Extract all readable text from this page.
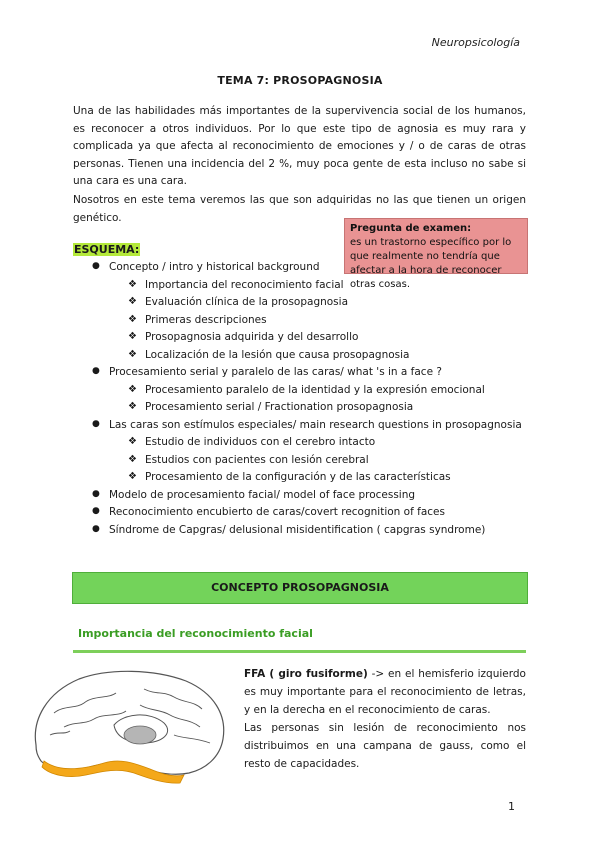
Neuropsicología
TEMA 7: PROSOPAGNOSIA
Una de las habilidades más importantes de la supervivencia social de los humanos, es reconocer a otros individuos. Por lo que este tipo de agnosia es muy rara y complicada ya que afecta al reconocimiento de emociones y / o de caras de otras personas. Tienen una incidencia del 2 %, muy poca gente de esta incluso no sabe si una cara es una cara.
Nosotros en este tema veremos las que son adquiridas no las que tienen un origen genético.
Pregunta de examen:
es un trastorno específico por lo que realmente no tendría que afectar a la hora de reconocer otras cosas.
ESQUEMA:
● Concepto / intro y historical background
❖ Importancia del reconocimiento facial
❖ Evaluación clínica de la prosopagnosia
❖ Primeras descripciones
❖ Prosopagnosia adquirida y del desarrollo
❖ Localización de la lesión que causa prosopagnosia
● Procesamiento serial y paralelo de las caras/ what 's in a face ?
❖ Procesamiento paralelo de la identidad y la expresión emocional
❖ Procesamiento serial / Fractionation prosopagnosia
● Las caras son estímulos especiales/ main research questions in prosopagnosia
❖ Estudio de individuos con el cerebro intacto
❖ Estudios con pacientes con lesión cerebral
❖ Procesamiento de la configuración y de las características
● Modelo de procesamiento facial/ model of face processing
● Reconocimiento encubierto de caras/covert recognition of faces
● Síndrome de Capgras/ delusional misidentification ( capgras syndrome)
CONCEPTO PROSOPAGNOSIA
Importancia del reconocimiento facial
FFA ( giro fusiforme) -> en el hemisferio izquierdo es muy importante para el reconocimiento de letras, y en la derecha en el reconocimiento de caras.
Las personas sin lesión de reconocimiento nos distribuimos en una campana de gauss, como el resto de capacidades.
1
